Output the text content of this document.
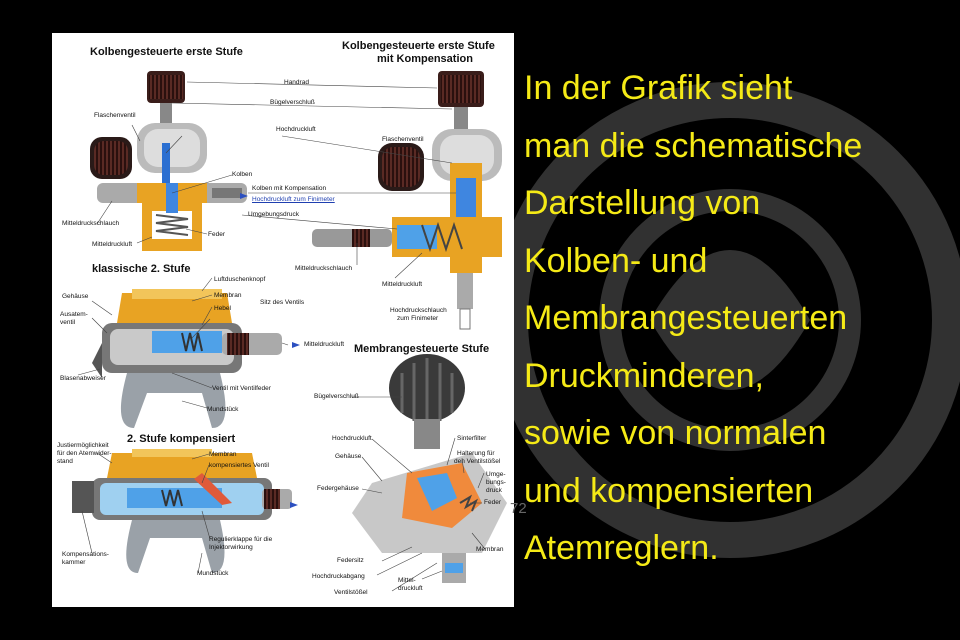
Kolbengesteuerte erste Stufe	Kolbengesteuerte erste Stufe
mit Kompensation
klassische 2. Stufe
Membrangesteuerte Stufe
2. Stufe kompensiert
Handrad
Bügelverschluß
Flaschenventil
Hochdruckluft
Flaschenventil
Kolben
Kolben mit Kompensation
Hochdruckluft zum Finimeter
Umgebungsdruck
Mitteldruckschlauch
Feder
Mitteldruckluft
Mitteldruckschlauch
Mitteldruckluft
Hochdruckschlauch
zum Finimeter
Luftduschenknopf
Gehäuse	Membran
Sitz des Ventils
Ausatem-
ventil
Hebel
Mitteldruckluft
Blasenabweiser
Ventil mit Ventilfeder
Mundstück
Bügelverschluß
Hochdruckluft	Sinterfilter
Gehäuse	Halterung für
den Ventilstößel
Umge-
bungs-
druck
Federgehäuse
Feder
Membran
Federsitz
Hochdruckabgang
Mittel-
druckluft
Ventilstößel
Justiermöglichkeit
für den Atemwider-
stand
Membran
kompensiertes Ventil
Regulierklappe für die
Injektorwirkung
Kompensations-
kammer
Mundstück
72
In der Grafik sieht
man die schematische
Darstellung von
Kolben- und
Membrangesteuerten
Druckminderen,
sowie von normalen
und kompensierten
Atemreglern.
